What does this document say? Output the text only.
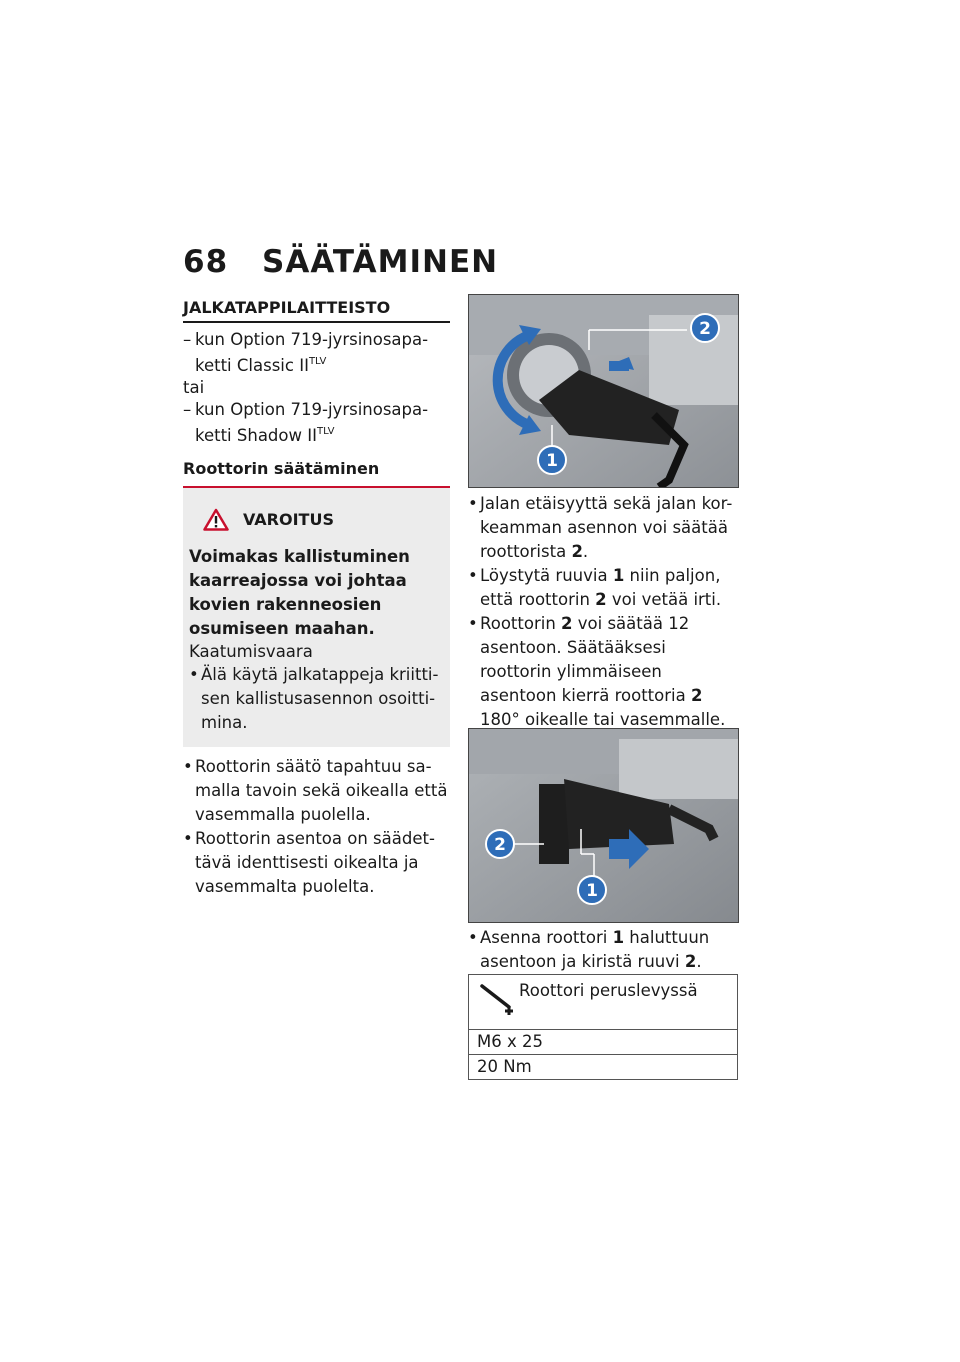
68 SÄÄTÄMINEN
JALKATAPPILAITTEISTO
– kun Option 719-jyrsinosapa-
ketti Classic $II^{TLV}$
tai
– kun Option 719-jyrsinosapa-
ketti Shadow $II^{TLV}$
Roottorin säätäminen
VAROITUS
Voimakas kallistuminen kaarreajossa voi johtaa kovien rakenneosien osumiseen maahan.
Kaatumisvaara
• Älä käytä jalkatappeja kriitti-sen kallistusasennon osoitti-mina.
• Roottorin säätö tapahtuu sa-malla tavoin sekä oikealla että vasemmalla puolella.
• Roottorin asentoa on säädet-tävä identtisesti oikealta ja vasemmalta puolelta.
1
2
• Jalan etäisyyttä sekä jalan kor-keamman asennon voi säätää roottorista 2.
• Löystytä ruuvia 1 niin paljon, että roottorin 2 voi vetää irti.
• Roottorin 2 voi säätää 12 asentoon. Säätääksesi roottorin ylimmäiseen asentoon kierrä roottoria 2 180° oikealle tai vasemmalle.
2
1
• Asenna roottori 1 haluttuun asentoon ja kiristä ruuvi 2.
Roottori peruslevyssä
M6 x 25
20 Nm
